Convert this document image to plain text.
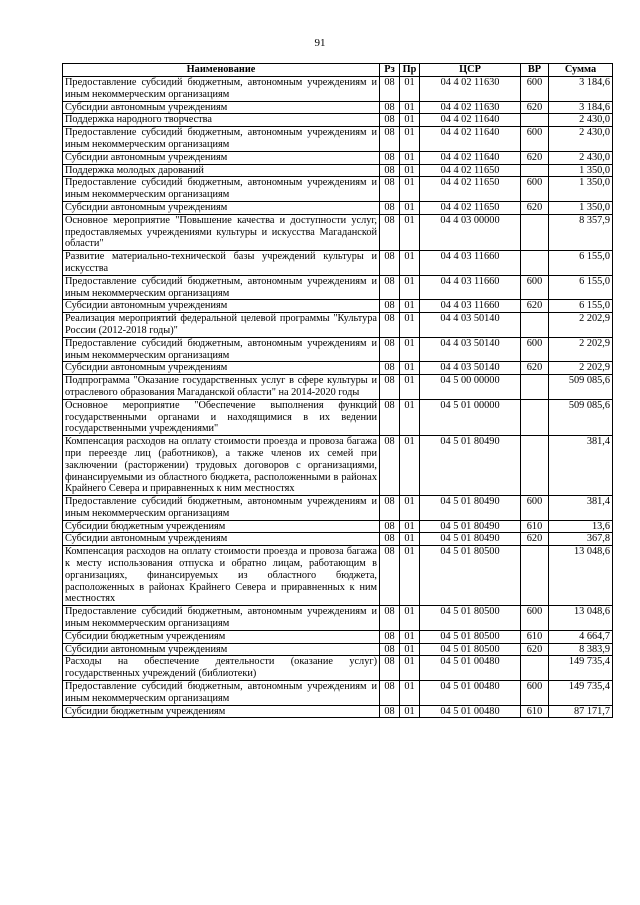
91
Наименование	Рз	Пр	ЦСР	ВР	Сумма
Предоставление субсидий бюджетным, автономным учреждениям и иным некоммерческим организациям	08	01	04 4 02 11630	600	3 184,6
Субсидии автономным учреждениям	08	01	04 4 02 11630	620	3 184,6
Поддержка народного творчества	08	01	04 4 02 11640		2 430,0
Предоставление субсидий бюджетным, автономным учреждениям и иным некоммерческим организациям	08	01	04 4 02 11640	600	2 430,0
Субсидии автономным учреждениям	08	01	04 4 02 11640	620	2 430,0
Поддержка молодых дарований	08	01	04 4 02 11650		1 350,0
Предоставление субсидий бюджетным, автономным учреждениям и иным некоммерческим организациям	08	01	04 4 02 11650	600	1 350,0
Субсидии автономным учреждениям	08	01	04 4 02 11650	620	1 350,0
Основное мероприятие "Повышение качества и доступности услуг, предоставляемых учреждениями культуры и искусства Магаданской области"	08	01	04 4 03 00000		8 357,9
Развитие материально-технической базы учреждений культуры и искусства	08	01	04 4 03 11660		6 155,0
Предоставление субсидий бюджетным, автономным учреждениям и иным некоммерческим организациям	08	01	04 4 03 11660	600	6 155,0
Субсидии автономным учреждениям	08	01	04 4 03 11660	620	6 155,0
Реализация мероприятий федеральной целевой программы "Культура России (2012-2018 годы)"	08	01	04 4 03 50140		2 202,9
Предоставление субсидий бюджетным, автономным учреждениям и иным некоммерческим организациям	08	01	04 4 03 50140	600	2 202,9
Субсидии автономным учреждениям	08	01	04 4 03 50140	620	2 202,9
Подпрограмма "Оказание государственных услуг в сфере культуры и отраслевого образования Магаданской области" на 2014-2020 годы	08	01	04 5 00 00000		509 085,6
Основное мероприятие "Обеспечение выполнения функций государственными органами и находящимися в их ведении государственными учреждениями"	08	01	04 5 01 00000		509 085,6
Компенсация расходов на оплату стоимости проезда и провоза багажа при переезде лиц (работников), а также членов их семей при заключении (расторжении) трудовых договоров с организациями, финансируемыми из областного бюджета, расположенными в районах Крайнего Севера и приравненных к ним местностях	08	01	04 5 01 80490		381,4
Предоставление субсидий бюджетным, автономным учреждениям и иным некоммерческим организациям	08	01	04 5 01 80490	600	381,4
Субсидии бюджетным учреждениям	08	01	04 5 01 80490	610	13,6
Субсидии автономным учреждениям	08	01	04 5 01 80490	620	367,8
Компенсация расходов на оплату стоимости проезда и провоза багажа к месту использования отпуска и обратно лицам, работающим в организациях, финансируемых из областного бюджета, расположенных в районах Крайнего Севера и приравненных к ним местностях	08	01	04 5 01 80500		13 048,6
Предоставление субсидий бюджетным, автономным учреждениям и иным некоммерческим организациям	08	01	04 5 01 80500	600	13 048,6
Субсидии бюджетным учреждениям	08	01	04 5 01 80500	610	4 664,7
Субсидии автономным учреждениям	08	01	04 5 01 80500	620	8 383,9
Расходы на обеспечение деятельности (оказание услуг) государственных учреждений (библиотеки)	08	01	04 5 01 00480		149 735,4
Предоставление субсидий бюджетным, автономным учреждениям и иным некоммерческим организациям	08	01	04 5 01 00480	600	149 735,4
Субсидии бюджетным учреждениям	08	01	04 5 01 00480	610	87 171,7
